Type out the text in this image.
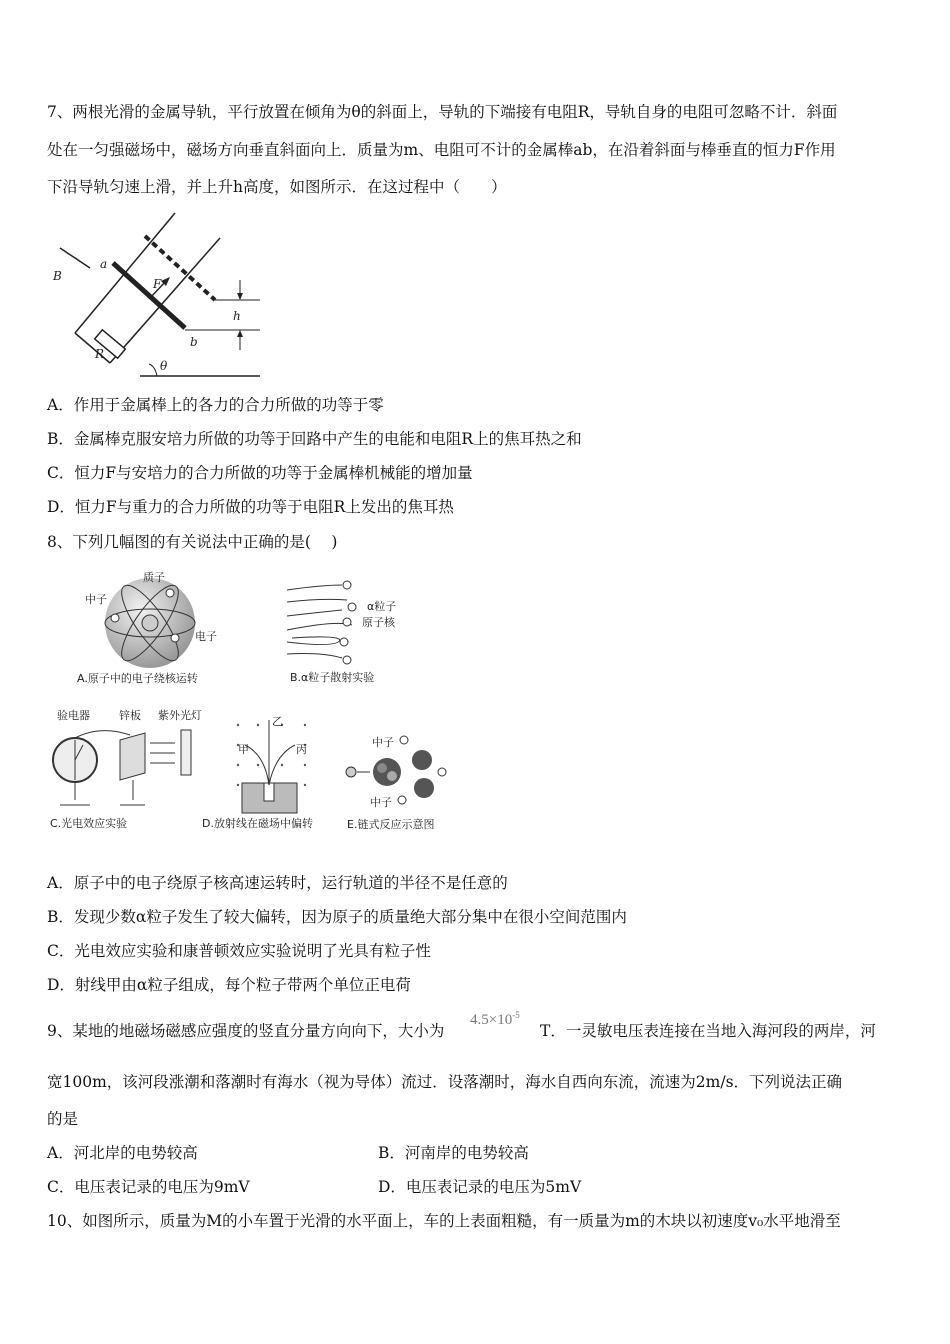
7、两根光滑的金属导轨，平行放置在倾角为θ的斜面上，导轨的下端接有电阻R，导轨自身的电阻可忽略不计．斜面
处在一匀强磁场中，磁场方向垂直斜面向上．质量为m、电阻可不计的金属棒ab，在沿着斜面与棒垂直的恒力F作用
下沿导轨匀速上滑，并上升h高度，如图所示．在这过程中（　　）
B
a
b
F
h
R
θ
A．作用于金属棒上的各力的合力所做的功等于零
B．金属棒克服安培力所做的功等于回路中产生的电能和电阻R上的焦耳热之和
C．恒力F与安培力的合力所做的功等于金属棒机械能的增加量
D．恒力F与重力的合力所做的功等于电阻R上发出的焦耳热
8、下列几幅图的有关说法中正确的是(　 )
质子
中子
电子
A.原子中的电子绕核运转
α粒子
原子核
B.α粒子散射实验
验电器	锌板 紫外光灯
C.光电效应实验
甲
乙
丙
D.放射线在磁场中偏转
中子
中子
E.链式反应示意图
A．原子中的电子绕原子核高速运转时，运行轨道的半径不是任意的
B．发现少数α粒子发生了较大偏转，因为原子的质量绝大部分集中在很小空间范围内
C．光电效应实验和康普顿效应实验说明了光具有粒子性
D．射线甲由α粒子组成，每个粒子带两个单位正电荷
9、某地的地磁场磁感应强度的竖直分量方向向下，大小为
$4.5\times 10^{-5}$
T．一灵敏电压表连接在当地入海河段的两岸，河
宽100m，该河段涨潮和落潮时有海水（视为导体）流过．设落潮时，海水自西向东流，流速为2m/s．下列说法正确
的是
A．河北岸的电势较高	B．河南岸的电势较高
C．电压表记录的电压为9mV	D．电压表记录的电压为5mV
10、如图所示，质量为M的小车置于光滑的水平面上，车的上表面粗糙，有一质量为m的木块以初速度v₀水平地滑至
